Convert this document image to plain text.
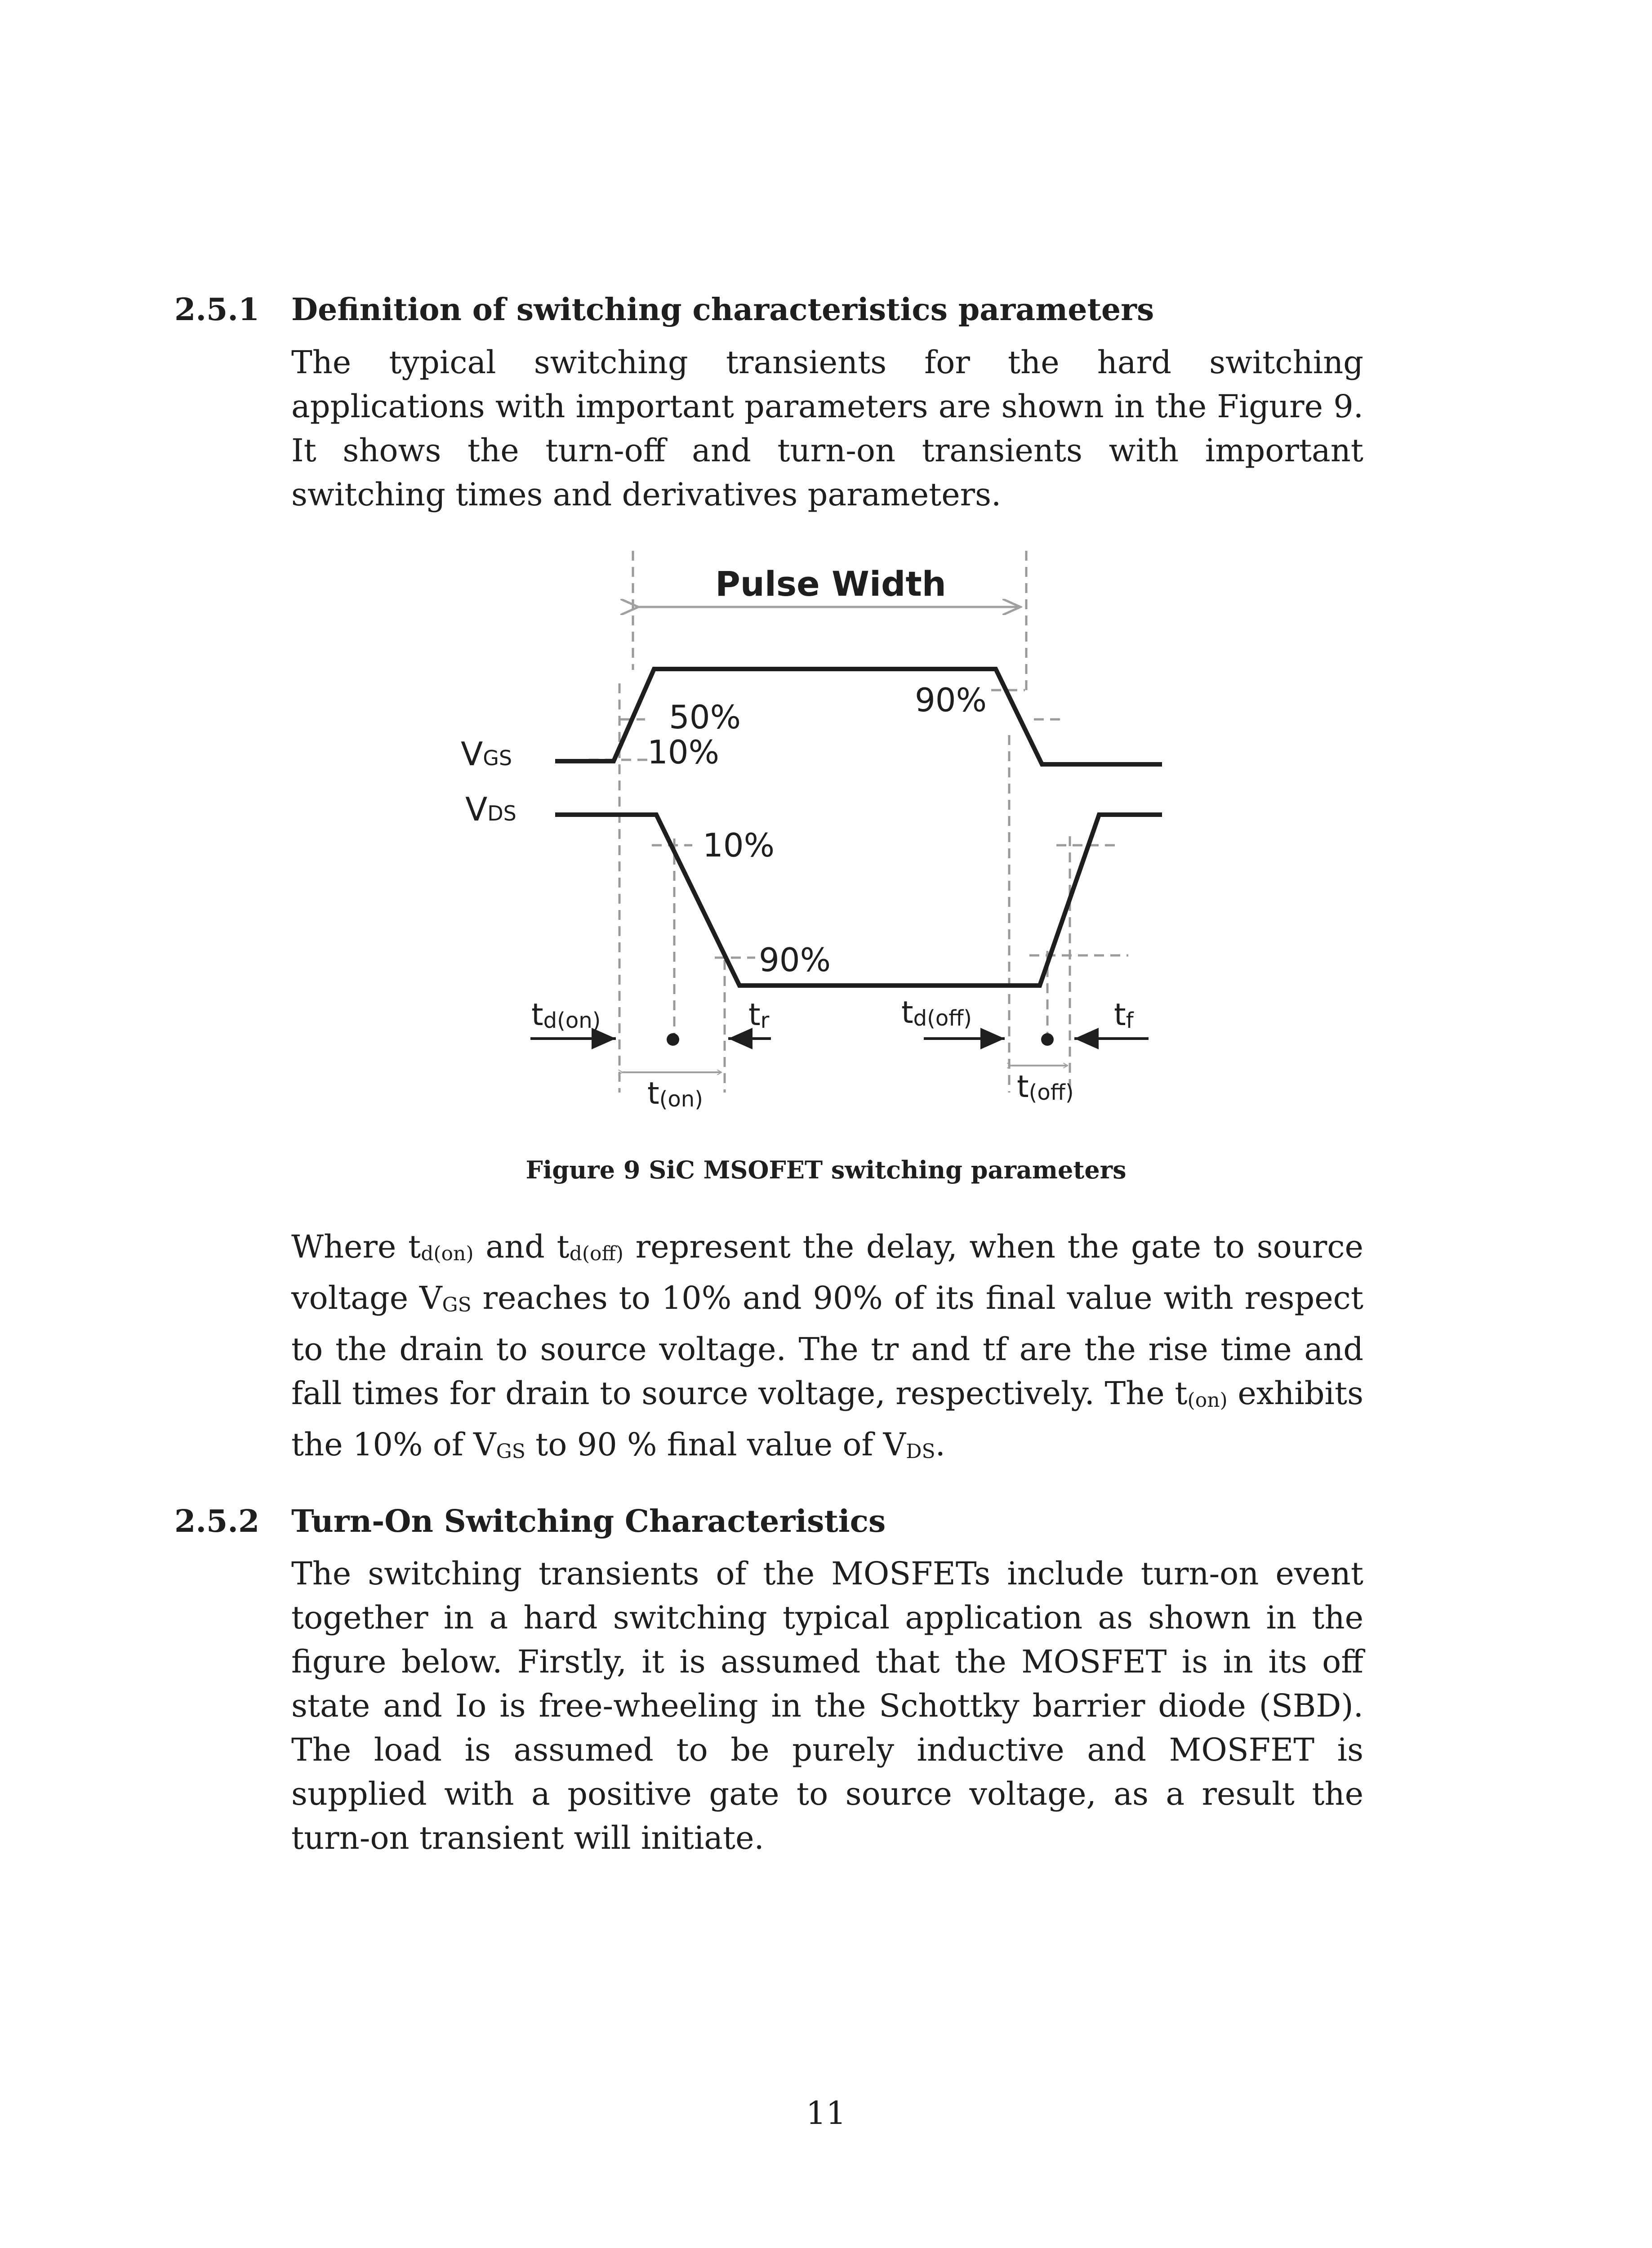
2.5.1 Definition of switching characteristics parameters

The typical switching transients for the hard switching applications with important parameters are shown in the Figure 9. It shows the turn-off and turn-on transients with important switching times and derivatives parameters.

Pulse Width
VGS
VDS
50%
10%
90%
10%
90%
td(on)	tr	td(off)	tf
t(on)	t(off)
Figure 9 SiC MSOFET switching parameters

Where td(on) and td(off) represent the delay, when the gate to source voltage VGS reaches to 10% and 90% of its final value with respect to the drain to source voltage. The tr and tf are the rise time and fall times for drain to source voltage, respectively. The t(on) exhibits the 10% of VGS to 90 % final value of VDS.

2.5.2 Turn-On Switching Characteristics

The switching transients of the MOSFETs include turn-on event together in a hard switching typical application as shown in the figure below. Firstly, it is assumed that the MOSFET is in its off state and Io is free-wheeling in the Schottky barrier diode (SBD). The load is assumed to be purely inductive and MOSFET is supplied with a positive gate to source voltage, as a result the turn-on transient will initiate.

11
